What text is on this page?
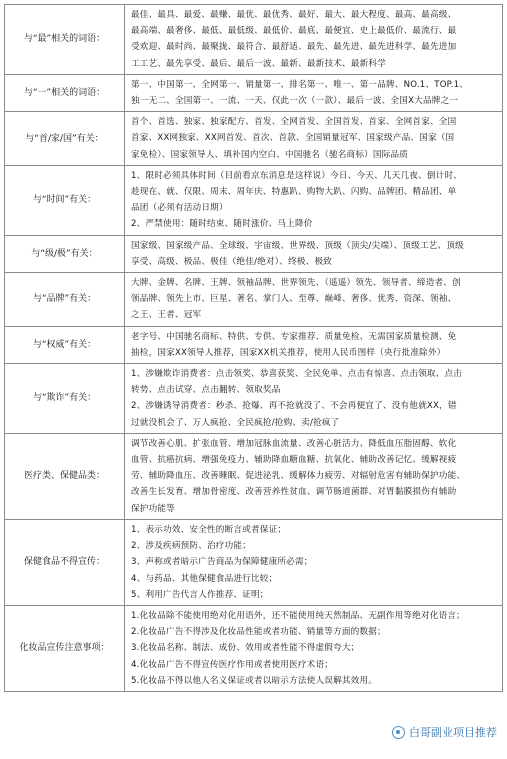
与“最”相关的词语：	最佳、最具、最爱、最赚、最优、最优秀、最好、最大、最大程度、最高、最高级、
最高端、最奢侈、最低、最低级、最低价、最底、最便宜、史上最低价、最流行、最
受欢迎、最时尚、最聚拢、最符合、最舒适、最先、最先进、最先进科学、最先进加
工工艺、最先享受、最后、最后一波、最新、最新技术、最新科学

与“一”相关的词语：	第一、中国第一、全网第一、销量第一、排名第一、唯一、第一品牌、NO.1、TOP.1、
独一无二、全国第一、一流、一天、仅此一次（一款）、最后一波、全国X大品牌之一

与“首/家/国”有关：	首个、首选、独家、独家配方、首发、全网首发、全国首发、首家、全网首家、全国
首家、XX网独家、XX网首发、首次、首款、全国销量冠军、国家级产品、国家（国
家免检）、国家领导人、填补国内空白、中国驰名（驰名商标）国际品质

与“时间”有关：	1、限时必须具体时间（目前看京东消息是这样说）今日、今天、几天几夜、倒计时、
趁现在、就、仅限、周末、周年庆、特惠趴、购物大趴、闪购、品牌团、精品团、单
品团（必须有活动日期）
2、严禁使用：随时结束、随时涨价、马上降价

与“级/极”有关：	国家级、国家级产品、全球级、宇宙级、世界级、顶级（顶尖/尖端）、顶级工艺、顶级
享受、高级、极品、极佳（绝佳/绝对）、终极、极致

与“品牌”有关：	大牌、金牌、名牌、王牌、领袖品牌、世界领先、（遥遥）领先、领导者、缔造者、创
领品牌、领先上市、巨星、著名、掌门人、至尊、巅峰、奢侈、优秀、资深、领袖、
之王、王者、冠军

与“权威”有关：	老字号、中国驰名商标、特供、专供、专家推荐、质量免检、无需国家质量检测、免
抽检，国家XX领导人推荐，国家XX机关推荐，使用人民币图样（央行批准除外）

与“欺诈”有关：	1、涉嫌欺诈消费者：点击领奖、恭喜获奖、全民免单、点击有惊喜、点击领取、点击
转势、点击试穿、点击翻转、领取奖品
2、涉嫌诱导消费者：秒杀、抢爆、再不抢就没了、不会再便宜了、没有他就XX，错
过就没机会了、万人疯抢、全民疯抢/抢购、卖/抢疯了

医疗类、保健品类：	调节改善心肌、扩张血管、增加冠脉血流量、改善心脏活力、降低血压脂固醇、软化
血管、抗癌抗病、增强免疫力、辅助降血糖血糖、抗氧化、辅助改善记忆、缓解视疲
劳、辅助降血压、改善睡眠、促进泌乳、缓解体力疲劳、对辐射危害有辅助保护功能、
改善生长发育、增加骨密度、改善营养性贫血、调节肠道菌群、对胃黏膜损伤有辅助
保护功能等

保健食品不得宣传：	1、表示功效、安全性的断言或者保证；
2、涉及疾病预防、治疗功能；
3、声称或者暗示广告商品为保障健康所必需；
4、与药品、其他保健食品进行比较；
5、利用广告代言人作推荐、证明；

化妆品宣传注意事项：	1.化妆品除不能使用绝对化用语外，还不能使用纯天然制品、无副作用等绝对化语言；
2.化妆品广告不得涉及化妆品性能或者功能、销量等方面的数据；
3.化妆品名称、制法、成份、效用或者性能不得虚假夸大；
4.化妆品广告不得宣传医疗作用或者使用医疗术语；
5.化妆品不得以他人名义保证或者以暗示方法使人误解其效用。
白哥副业项目推荐
